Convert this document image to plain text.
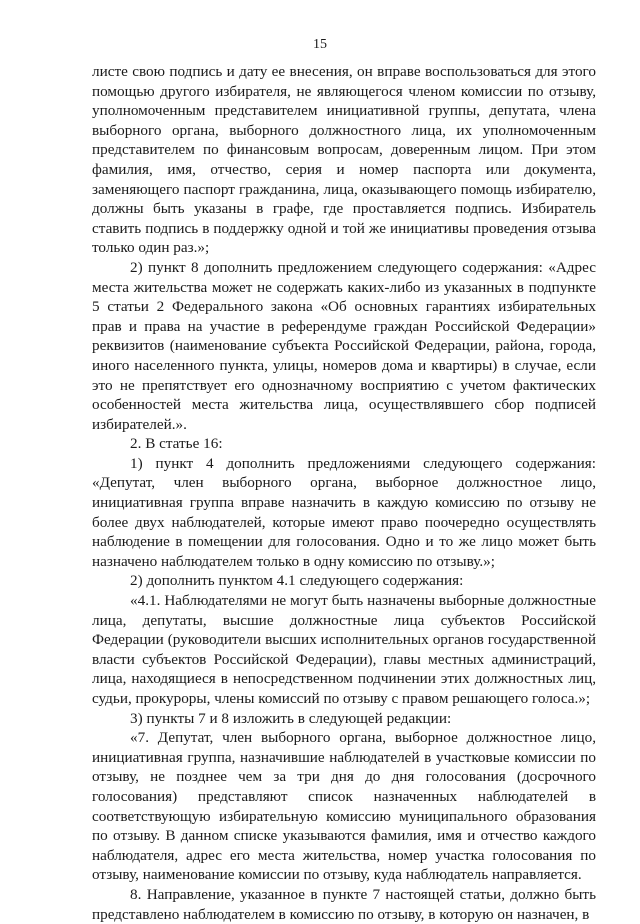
15

листе свою подпись и дату ее внесения, он вправе воспользоваться для этого помощью другого избирателя, не являющегося членом комиссии по отзыву, уполномоченным представителем инициативной группы, депутата, члена выборного органа, выборного должностного лица, их уполномоченным представителем по финансовым вопросам, доверенным лицом. При этом фамилия, имя, отчество, серия и номер паспорта или документа, заменяющего паспорт гражданина, лица, оказывающего помощь избирателю, должны быть указаны в графе, где проставляется подпись. Избиратель ставить подпись в поддержку одной и той же инициативы проведения отзыва только один раз.»;

2) пункт 8 дополнить предложением следующего содержания: «Адрес места жительства может не содержать каких-либо из указанных в подпункте 5 статьи 2 Федерального закона «Об основных гарантиях избирательных прав и права на участие в референдуме граждан Российской Федерации» реквизитов (наименование субъекта Российской Федерации, района, города, иного населенного пункта, улицы, номеров дома и квартиры) в случае, если это не препятствует его однозначному восприятию с учетом фактических особенностей места жительства лица, осуществлявшего сбор подписей избирателей.».

2. В статье 16:

1) пункт 4 дополнить предложениями следующего содержания: «Депутат, член выборного органа, выборное должностное лицо, инициативная группа вправе назначить в каждую комиссию по отзыву не более двух наблюдателей, которые имеют право поочередно осуществлять наблюдение в помещении для голосования. Одно и то же лицо может быть назначено наблюдателем только в одну комиссию по отзыву.»;

2) дополнить пунктом 4.1 следующего содержания:

«4.1. Наблюдателями не могут быть назначены выборные должностные лица, депутаты, высшие должностные лица субъектов Российской Федерации (руководители высших исполнительных органов государственной власти субъектов Российской Федерации), главы местных администраций, лица, находящиеся в непосредственном подчинении этих должностных лиц, судьи, прокуроры, члены комиссий по отзыву с правом решающего голоса.»;

3) пункты 7 и 8 изложить в следующей редакции:

«7. Депутат, член выборного органа, выборное должностное лицо, инициативная группа, назначившие наблюдателей в участковые комиссии по отзыву, не позднее чем за три дня до дня голосования (досрочного голосования) представляют список назначенных наблюдателей в соответствующую избирательную комиссию муниципального образования по отзыву. В данном списке указываются фамилия, имя и отчество каждого наблюдателя, адрес его места жительства, номер участка голосования по отзыву, наименование комиссии по отзыву, куда наблюдатель направляется.

8. Направление, указанное в пункте 7 настоящей статьи, должно быть представлено наблюдателем в комиссию по отзыву, в которую он назначен, в
